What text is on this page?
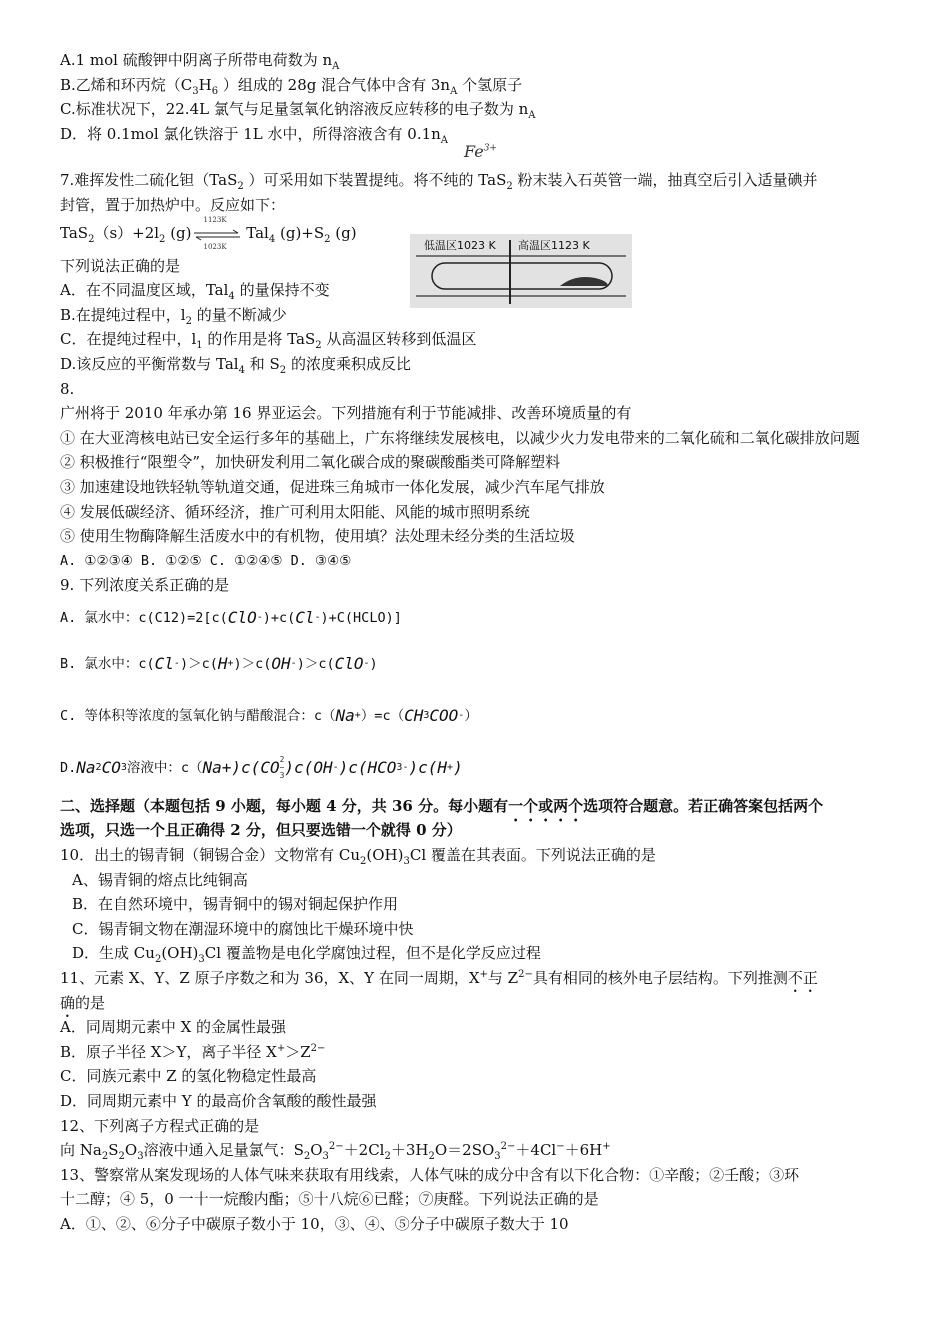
A.1 mol 硫酸钾中阴离子所带电荷数为 $n_A$
B.乙烯和环丙烷（$C_3H_6$ ）组成的 28g 混合气体中含有 $3n_A$ 个氢原子
C.标准状况下，22.4L 氯气与足量氢氧化钠溶液反应转移的电子数为 $n_A$
D．将 0.1mol 氯化铁溶于 1L 水中，所得溶液含有 $0.1n_A$
$Fe^{3+}$
7.难挥发性二硫化钽（TaS$_2$ ）可采用如下装置提纯。将不纯的 TaS$_2$ 粉末装入石英管一端，抽真空后引入适量碘并
封管，置于加热炉中。反应如下：
$TaS_2(s)+2l_2$ (g)
1123K
1023K
Tal$_4$ $(g)+S_2$ (g)
低温区1023 K 高温区1123 K
下列说法正确的是
A．在不同温度区域，Tal$_4$ 的量保持不变
B.在提纯过程中，$l_2$ 的量不断减少
C．在提纯过程中，$l_1$ 的作用是将 TaS$_2$ 从高温区转移到低温区
D.该反应的平衡常数与 Tal$_4$ 和 $S_2$ 的浓度乘积成反比
8.
广州将于 2010 年承办第 16 界亚运会。下列措施有利于节能减排、改善环境质量的有
① 在大亚湾核电站已安全运行多年的基础上，广东将继续发展核电，以减少火力发电带来的二氧化硫和二氧化碳排放问题
② 积极推行“限塑令”，加快研发利用二氧化碳合成的聚碳酸酯类可降解塑料
③ 加速建设地铁轻轨等轨道交通，促进珠三角城市一体化发展，减少汽车尾气排放
④ 发展低碳经济、循环经济，推广可利用太阳能、风能的城市照明系统
⑤ 使用生物酶降解生活废水中的有机物，使用填？法处理未经分类的生活垃圾
A. ①②③④ B. ①②⑤ C. ①②④⑤ D. ③④⑤
9. 下列浓度关系正确的是
A. 氯水中：c(C12)=2[c( ClO - )+c( Cl - )+C(HCLO)]
B. 氯水中：c( Cl - )＞c( H + )＞c( OH - )＞c( ClO - )
C. 等体积等浓度的氢氧化钠与醋酸混合：c（ Na + ）=c（ CH 3 COO - ）
D. Na 2 CO 3 溶液中：c（ Na+ )c( CO 2
−
3 )c( OH - )c( HCO 3 - )c( H + )
二、选择题（本题包括 9 小题，每小题 4 分，共 36 分。每小题有一个或两个选项符合题意。若正确答案包括两个
选项，只选一个且正确得 2 分，但只要选错一个就得 0 分）
10．出土的锡青铜（铜锡合金）文物常有 $Cu_2(OH)_3Cl$ 覆盖在其表面。下列说法正确的是
A、锡青铜的熔点比纯铜高
B．在自然环境中，锡青铜中的锡对铜起保护作用
C．锡青铜文物在潮湿环境中的腐蚀比干燥环境中快
D．生成 $Cu_2(OH)_3Cl$ 覆盖物是电化学腐蚀过程，但不是化学反应过程
11、元素 X、Y、Z 原子序数之和为 36，X、Y 在同一周期，X+与 $Z^{2-}$具有相同的核外电子层结构。下列推测不正
确的是
A．同周期元素中 X 的金属性最强
B．原子半径 X＞Y，离子半径 $X^+>Z^{2-}$
C．同族元素中 Z 的氢化物稳定性最高
D．同周期元素中 Y 的最高价含氧酸的酸性最强
12、下列离子方程式正确的是
向 $Na_2S_2O_3$溶液中通入足量氯气：$S_2O_3^{2-}+2Cl_2+3H_2O=2SO_3^{2-}+4Cl^-+6H^+$
13、警察常从案发现场的人体气味来获取有用线索，人体气味的成分中含有以下化合物：①辛酸；②壬酸；③环
十二醇；④ 5，0 一十一烷酸内酯；⑤十八烷⑥已醛；⑦庚醛。下列说法正确的是
A．①、②、⑥分子中碳原子数小于 10，③、④、⑤分子中碳原子数大于 10
